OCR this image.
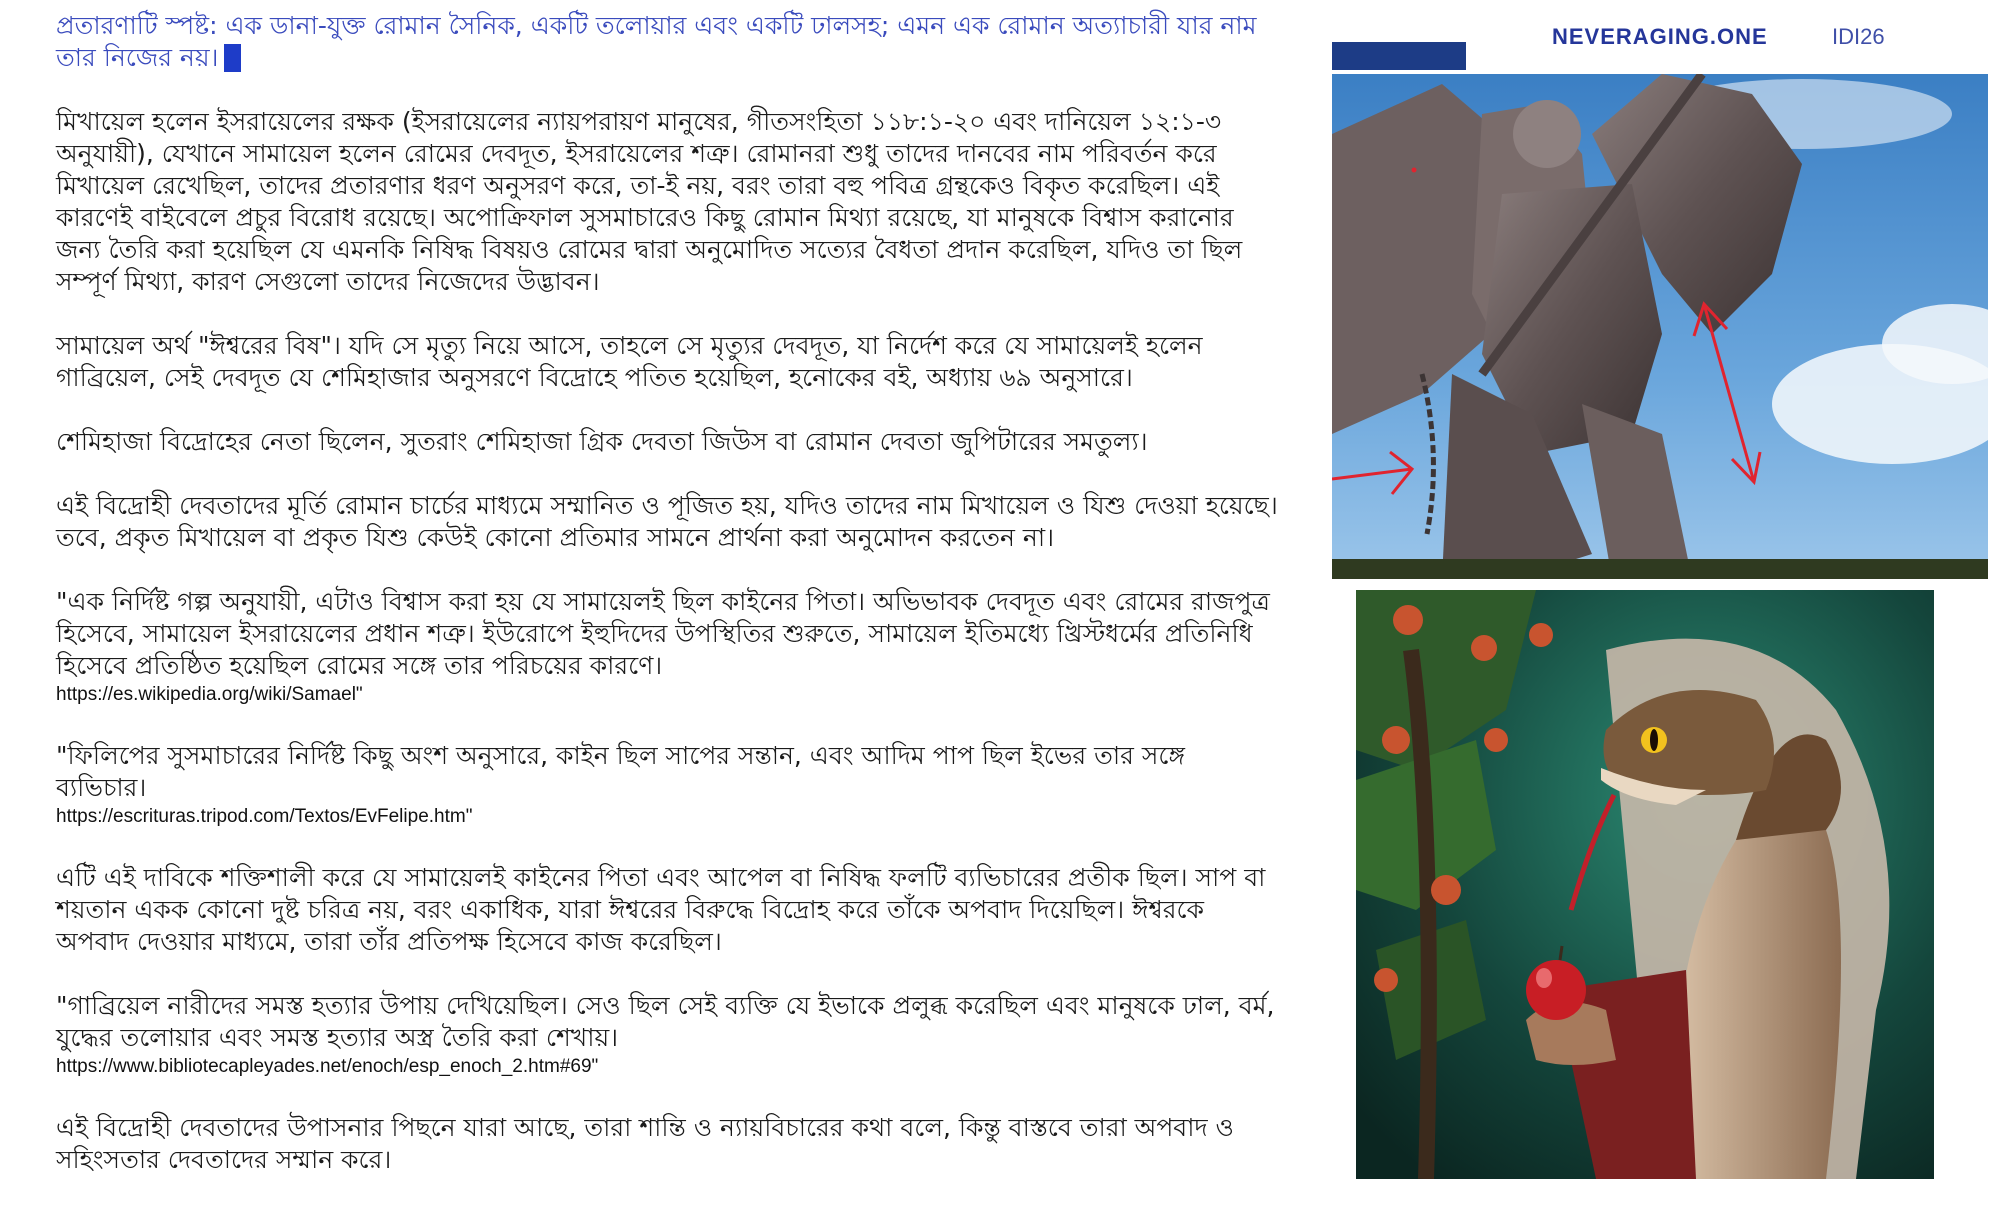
প্রতারণাটি স্পষ্ট: এক ডানা-যুক্ত রোমান সৈনিক, একটি তলোয়ার এবং একটি ঢালসহ; এমন এক রোমান অত্যাচারী যার নাম তার নিজের নয়।

মিখায়েল হলেন ইসরায়েলের রক্ষক (ইসরায়েলের ন্যায়পরায়ণ মানুষের, গীতসংহিতা ১১৮:১-২০ এবং দানিয়েল ১২:১-৩ অনুযায়ী), যেখানে সামায়েল হলেন রোমের দেবদূত, ইসরায়েলের শত্রু। রোমানরা শুধু তাদের দানবের নাম পরিবর্তন করে মিখায়েল রেখেছিল, তাদের প্রতারণার ধরণ অনুসরণ করে, তা-ই নয়, বরং তারা বহু পবিত্র গ্রন্থকেও বিকৃত করেছিল। এই কারণেই বাইবেলে প্রচুর বিরোধ রয়েছে। অপোক্রিফাল সুসমাচারেও কিছু রোমান মিথ্যা রয়েছে, যা মানুষকে বিশ্বাস করানোর জন্য তৈরি করা হয়েছিল যে এমনকি নিষিদ্ধ বিষয়ও রোমের দ্বারা অনুমোদিত সত্যের বৈধতা প্রদান করেছিল, যদিও তা ছিল সম্পূর্ণ মিথ্যা, কারণ সেগুলো তাদের নিজেদের উদ্ভাবন।

সামায়েল অর্থ "ঈশ্বরের বিষ"। যদি সে মৃত্যু নিয়ে আসে, তাহলে সে মৃত্যুর দেবদূত, যা নির্দেশ করে যে সামায়েলই হলেন গাব্রিয়েল, সেই দেবদূত যে শেমিহাজার অনুসরণে বিদ্রোহে পতিত হয়েছিল, হনোকের বই, অধ্যায় ৬৯ অনুসারে।

শেমিহাজা বিদ্রোহের নেতা ছিলেন, সুতরাং শেমিহাজা গ্রিক দেবতা জিউস বা রোমান দেবতা জুপিটারের সমতুল্য।

এই বিদ্রোহী দেবতাদের মূর্তি রোমান চার্চের মাধ্যমে সম্মানিত ও পূজিত হয়, যদিও তাদের নাম মিখায়েল ও যিশু দেওয়া হয়েছে। তবে, প্রকৃত মিখায়েল বা প্রকৃত যিশু কেউই কোনো প্রতিমার সামনে প্রার্থনা করা অনুমোদন করতেন না।

"এক নির্দিষ্ট গল্প অনুযায়ী, এটাও বিশ্বাস করা হয় যে সামায়েলই ছিল কাইনের পিতা। অভিভাবক দেবদূত এবং রোমের রাজপুত্র হিসেবে, সামায়েল ইসরায়েলের প্রধান শত্রু। ইউরোপে ইহুদিদের উপস্থিতির শুরুতে, সামায়েল ইতিমধ্যে খ্রিস্টধর্মের প্রতিনিধি হিসেবে প্রতিষ্ঠিত হয়েছিল রোমের সঙ্গে তার পরিচয়ের কারণে।
https://es.wikipedia.org/wiki/Samael"

"ফিলিপের সুসমাচারের নির্দিষ্ট কিছু অংশ অনুসারে, কাইন ছিল সাপের সন্তান, এবং আদিম পাপ ছিল ইভের তার সঙ্গে ব্যভিচার।
https://escrituras.tripod.com/Textos/EvFelipe.htm"

এটি এই দাবিকে শক্তিশালী করে যে সামায়েলই কাইনের পিতা এবং আপেল বা নিষিদ্ধ ফলটি ব্যভিচারের প্রতীক ছিল। সাপ বা শয়তান একক কোনো দুষ্ট চরিত্র নয়, বরং একাধিক, যারা ঈশ্বরের বিরুদ্ধে বিদ্রোহ করে তাঁকে অপবাদ দিয়েছিল। ঈশ্বরকে অপবাদ দেওয়ার মাধ্যমে, তারা তাঁর প্রতিপক্ষ হিসেবে কাজ করেছিল।

"গাব্রিয়েল নারীদের সমস্ত হত্যার উপায় দেখিয়েছিল। সেও ছিল সেই ব্যক্তি যে ইভাকে প্রলুব্ধ করেছিল এবং মানুষকে ঢাল, বর্ম, যুদ্ধের তলোয়ার এবং সমস্ত হত্যার অস্ত্র তৈরি করা শেখায়।
https://www.bibliotecapleyades.net/enoch/esp_enoch_2.htm#69"

এই বিদ্রোহী দেবতাদের উপাসনার পিছনে যারা আছে, তারা শান্তি ও ন্যায়বিচারের কথা বলে, কিন্তু বাস্তবে তারা অপবাদ ও সহিংসতার দেবতাদের সম্মান করে।

NEVERAGING.ONE	IDI26
